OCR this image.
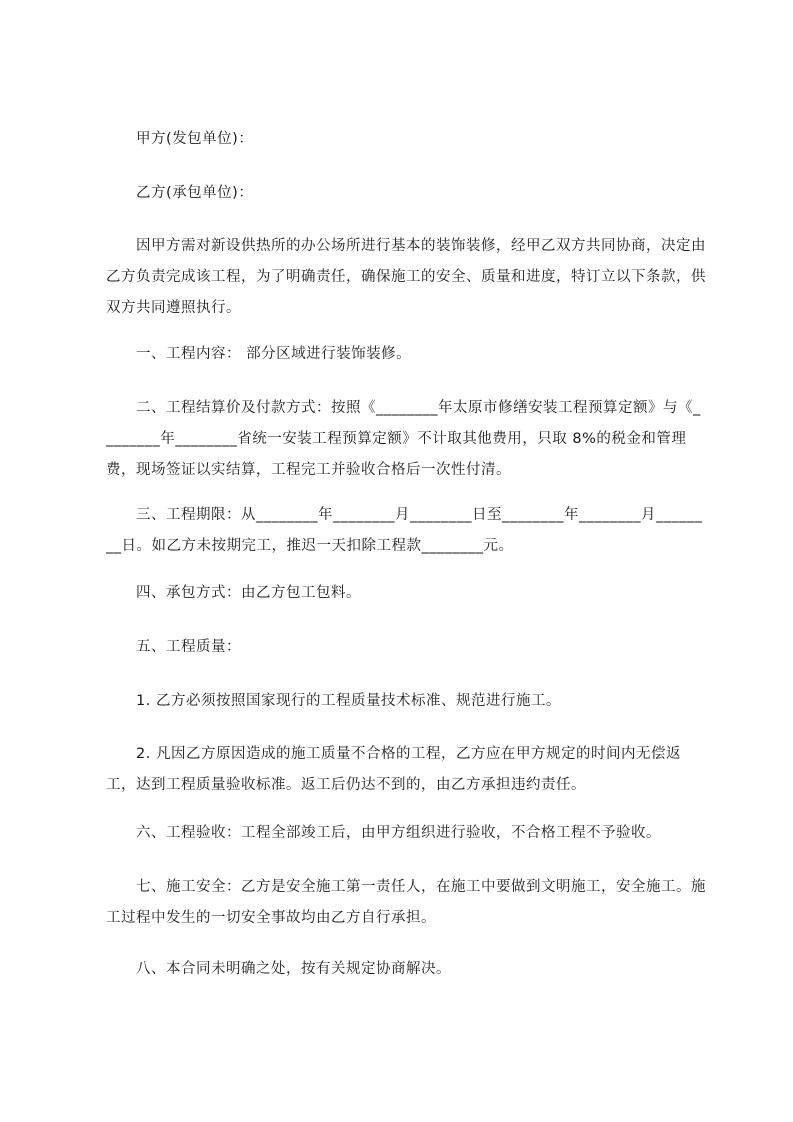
甲方(发包单位)：

乙方(承包单位)：

因甲方需对新设供热所的办公场所进行基本的装饰装修，经甲乙双方共同协商，决定由乙方负责完成该工程，为了明确责任，确保施工的安全、质量和进度，特订立以下条款，供双方共同遵照执行。

一、工程内容： 部分区域进行装饰装修。

二、工程结算价及付款方式：按照《________年太原市修缮安装工程预算定额》与《________年________省统一安装工程预算定额》不计取其他费用，只取 8%的税金和管理费，现场签证以实结算，工程完工并验收合格后一次性付清。

三、工程期限：从________年________月________日至________年________月________日。如乙方未按期完工，推迟一天扣除工程款________元。

四、承包方式：由乙方包工包料。

五、工程质量：

1. 乙方必须按照国家现行的工程质量技术标准、规范进行施工。

2. 凡因乙方原因造成的施工质量不合格的工程，乙方应在甲方规定的时间内无偿返工，达到工程质量验收标准。返工后仍达不到的，由乙方承担违约责任。

六、工程验收：工程全部竣工后，由甲方组织进行验收，不合格工程不予验收。

七、施工安全：乙方是安全施工第一责任人，在施工中要做到文明施工，安全施工。施工过程中发生的一切安全事故均由乙方自行承担。

八、本合同未明确之处，按有关规定协商解决。
